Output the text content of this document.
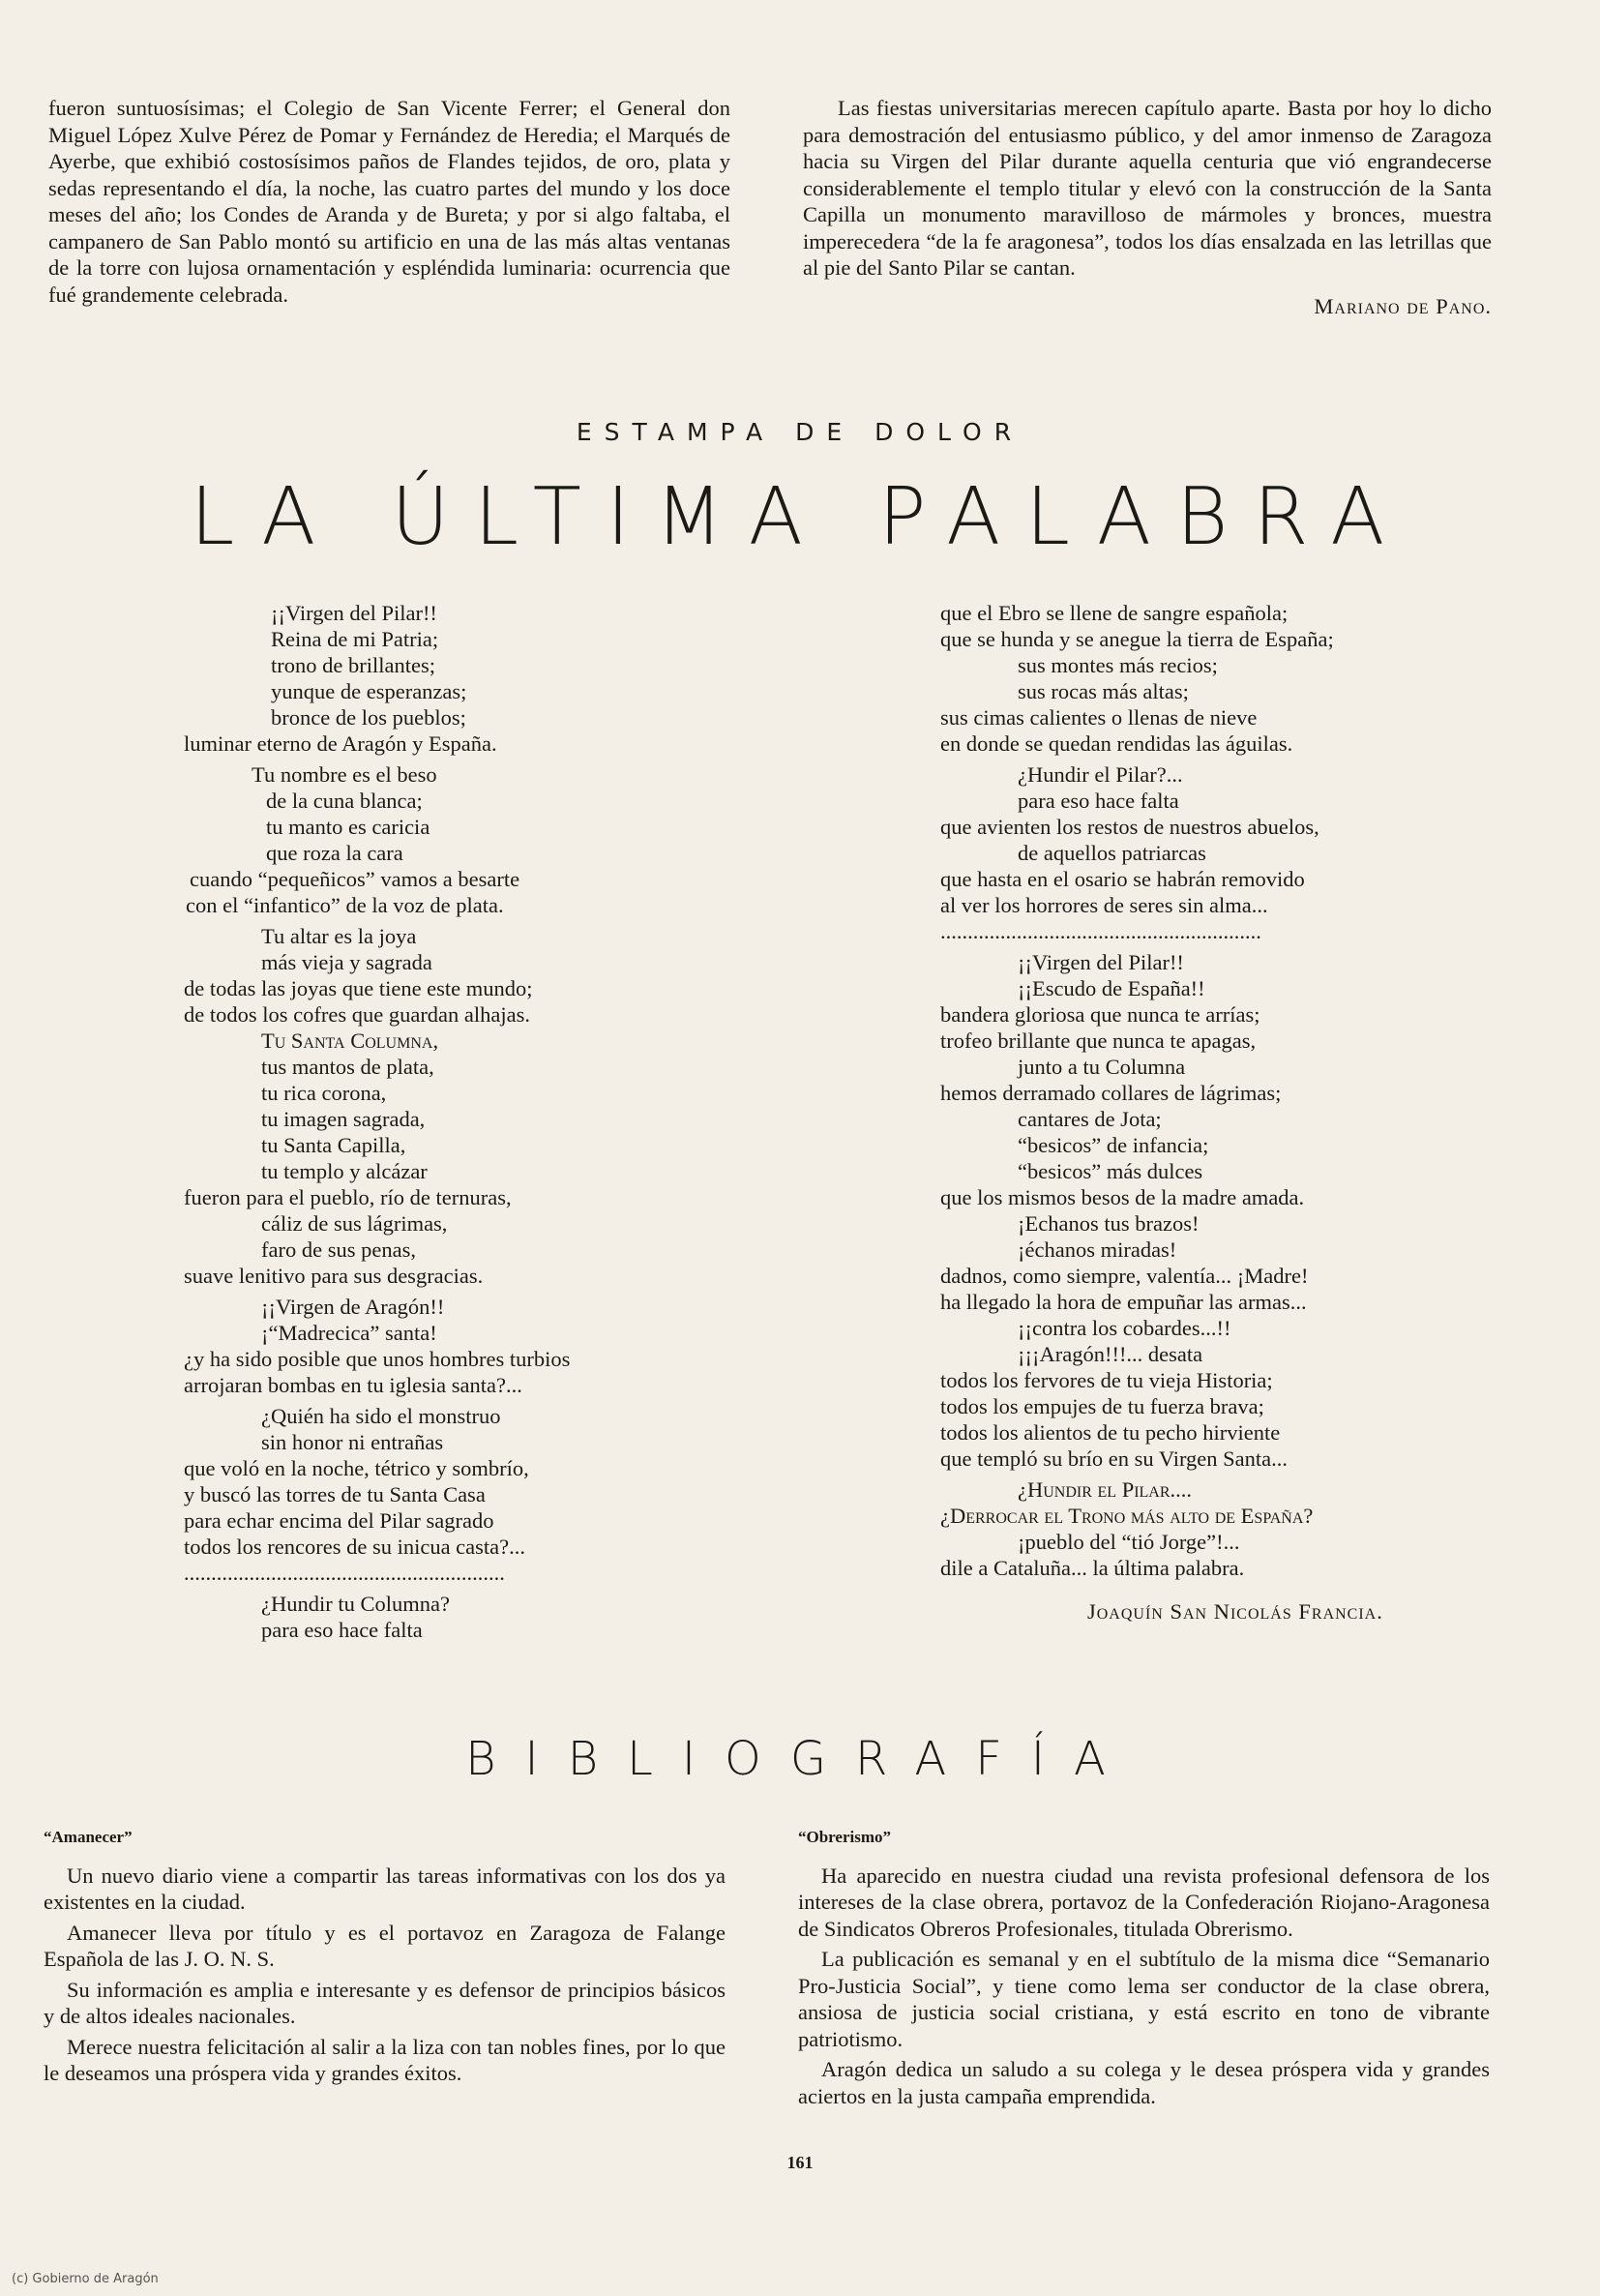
fueron suntuosísimas; el Colegio de San Vicente Ferrer; el General don Miguel López Xulve Pérez de Pomar y Fernández de Heredia; el Marqués de Ayerbe, que exhibió costosísimos paños de Flandes tejidos, de oro, plata y sedas representando el día, la noche, las cuatro partes del mundo y los doce meses del año; los Condes de Aranda y de Bureta; y por si algo faltaba, el campanero de San Pablo montó su artificio en una de las más altas ventanas de la torre con lujosa ornamentación y espléndida luminaria: ocurrencia que fué grandemente celebrada.

Las fiestas universitarias merecen capítulo aparte. Basta por hoy lo dicho para demostración del entusiasmo público, y del amor inmenso de Zaragoza hacia su Virgen del Pilar durante aquella centuria que vió engrandecerse considerablemente el templo titular y elevó con la construcción de la Santa Capilla un monumento maravilloso de mármoles y bronces, muestra imperecedera “de la fe aragonesa”, todos los días ensalzada en las letrillas que al pie del Santo Pilar se cantan.

Mariano de Pano.

ESTAMPA DE DOLOR
LA ÚLTIMA PALABRA
¡¡Virgen del Pilar!!
Reina de mi Patria;
trono de brillantes;
yunque de esperanzas;
bronce de los pueblos;
luminar eterno de Aragón y España.
Tu nombre es el beso
de la cuna blanca;
tu manto es caricia
que roza la cara
cuando “pequeñicos” vamos a besarte
con el “infantico” de la voz de plata.
Tu altar es la joya
más vieja y sagrada
de todas las joyas que tiene este mundo;
de todos los cofres que guardan alhajas.
Tu Santa Columna,
tus mantos de plata,
tu rica corona,
tu imagen sagrada,
tu Santa Capilla,
tu templo y alcázar
fueron para el pueblo, río de ternuras,
cáliz de sus lágrimas,
faro de sus penas,
suave lenitivo para sus desgracias.
¡¡Virgen de Aragón!!
¡“Madrecica” santa!
¿y ha sido posible que unos hombres turbios
arrojaran bombas en tu iglesia santa?...
¿Quién ha sido el monstruo
sin honor ni entrañas
que voló en la noche, tétrico y sombrío,
y buscó las torres de tu Santa Casa
para echar encima del Pilar sagrado
todos los rencores de su inicua casta?...
...........................................................
¿Hundir tu Columna?
para eso hace falta
que el Ebro se llene de sangre española;
que se hunda y se anegue la tierra de España;
sus montes más recios;
sus rocas más altas;
sus cimas calientes o llenas de nieve
en donde se quedan rendidas las águilas.
¿Hundir el Pilar?...
para eso hace falta
que avienten los restos de nuestros abuelos,
de aquellos patriarcas
que hasta en el osario se habrán removido
al ver los horrores de seres sin alma...
...........................................................
¡¡Virgen del Pilar!!
¡¡Escudo de España!!
bandera gloriosa que nunca te arrías;
trofeo brillante que nunca te apagas,
junto a tu Columna
hemos derramado collares de lágrimas;
cantares de Jota;
“besicos” de infancia;
“besicos” más dulces
que los mismos besos de la madre amada.
¡Echanos tus brazos!
¡échanos miradas!
dadnos, como siempre, valentía... ¡Madre!
ha llegado la hora de empuñar las armas...
¡¡contra los cobardes...!!
¡¡¡Aragón!!!... desata
todos los fervores de tu vieja Historia;
todos los empujes de tu fuerza brava;
todos los alientos de tu pecho hirviente
que templó su brío en su Virgen Santa...
¿Hundir el Pilar....
¿Derrocar el Trono más alto de España?
¡pueblo del “tió Jorge”!...
dile a Cataluña... la última palabra.
Joaquín San Nicolás Francia.
BIBLIOGRAFÍA

“Amanecer”

Un nuevo diario viene a compartir las tareas informativas con los dos ya existentes en la ciudad.

Amanecer lleva por título y es el portavoz en Zaragoza de Falange Española de las J. O. N. S.

Su información es amplia e interesante y es defensor de principios básicos y de altos ideales nacionales.

Merece nuestra felicitación al salir a la liza con tan nobles fines, por lo que le deseamos una próspera vida y grandes éxitos.

“Obrerismo”

Ha aparecido en nuestra ciudad una revista profesional defensora de los intereses de la clase obrera, portavoz de la Confederación Riojano-Aragonesa de Sindicatos Obreros Profesionales, titulada Obrerismo.

La publicación es semanal y en el subtítulo de la misma dice “Semanario Pro-Justicia Social”, y tiene como lema ser conductor de la clase obrera, ansiosa de justicia social cristiana, y está escrito en tono de vibrante patriotismo.

Aragón dedica un saludo a su colega y le desea próspera vida y grandes aciertos en la justa campaña emprendida.

161
(c) Gobierno de Aragón
